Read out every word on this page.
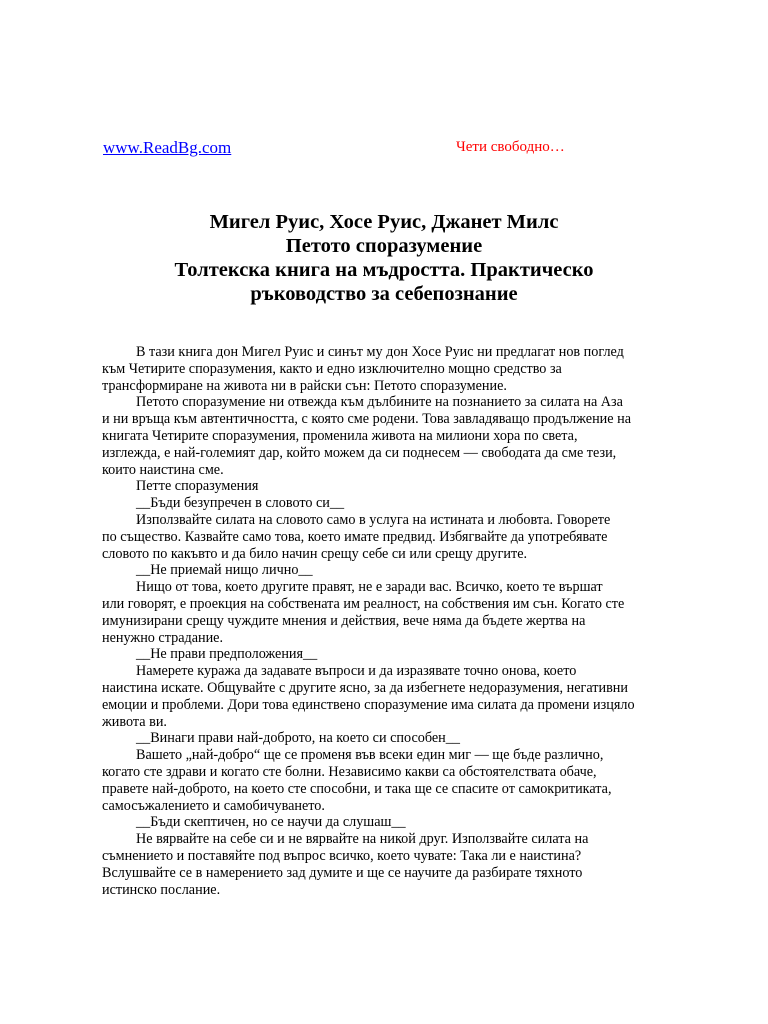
www.ReadBg.com	Чети свободно…
Мигел Руис, Хосе Руис, Джанет Милс
Петото споразумение
Толтекска книга на мъдростта. Практическо
ръководство за себепознание
В тази книга дон Мигел Руис и синът му дон Хосе Руис ни предлагат нов поглед
към Четирите споразумения, както и едно изключително мощно средство за
трансформиране на живота ни в райски сън: Петото споразумение.
Петото споразумение ни отвежда към дълбините на познанието за силата на Аза
и ни връща към автентичността, с която сме родени. Това завладяващо продължение на
книгата Четирите споразумения, променила живота на милиони хора по света,
изглежда, е най-големият дар, който можем да си поднесем — свободата да сме тези,
които наистина сме.
Петте споразумения
__Бъди безупречен в словото си__
Използвайте силата на словото само в услуга на истината и любовта. Говорете
по същество. Казвайте само това, което имате предвид. Избягвайте да употребявате
словото по какъвто и да било начин срещу себе си или срещу другите.
__Не приемай нищо лично__
Нищо от това, което другите правят, не е заради вас. Всичко, което те вършат
или говорят, е проекция на собствената им реалност, на собствения им сън. Когато сте
имунизирани срещу чуждите мнения и действия, вече няма да бъдете жертва на
ненужно страдание.
__Не прави предположения__
Намерете куража да задавате въпроси и да изразявате точно онова, което
наистина искате. Общувайте с другите ясно, за да избегнете недоразумения, негативни
емоции и проблеми. Дори това единствено споразумение има силата да промени изцяло
живота ви.
__Винаги прави най-доброто, на което си способен__
Вашето „най-добро“ ще се променя във всеки един миг — ще бъде различно,
когато сте здрави и когато сте болни. Независимо какви са обстоятелствата обаче,
правете най-доброто, на което сте способни, и така ще се спасите от самокритиката,
самосъжалението и самобичуването.
__Бъди скептичен, но се научи да слушаш__
Не вярвайте на себе си и не вярвайте на никой друг. Използвайте силата на
съмнението и поставяйте под въпрос всичко, което чувате: Така ли е наистина?
Вслушвайте се в намерението зад думите и ще се научите да разбирате тяхното
истинско послание.
